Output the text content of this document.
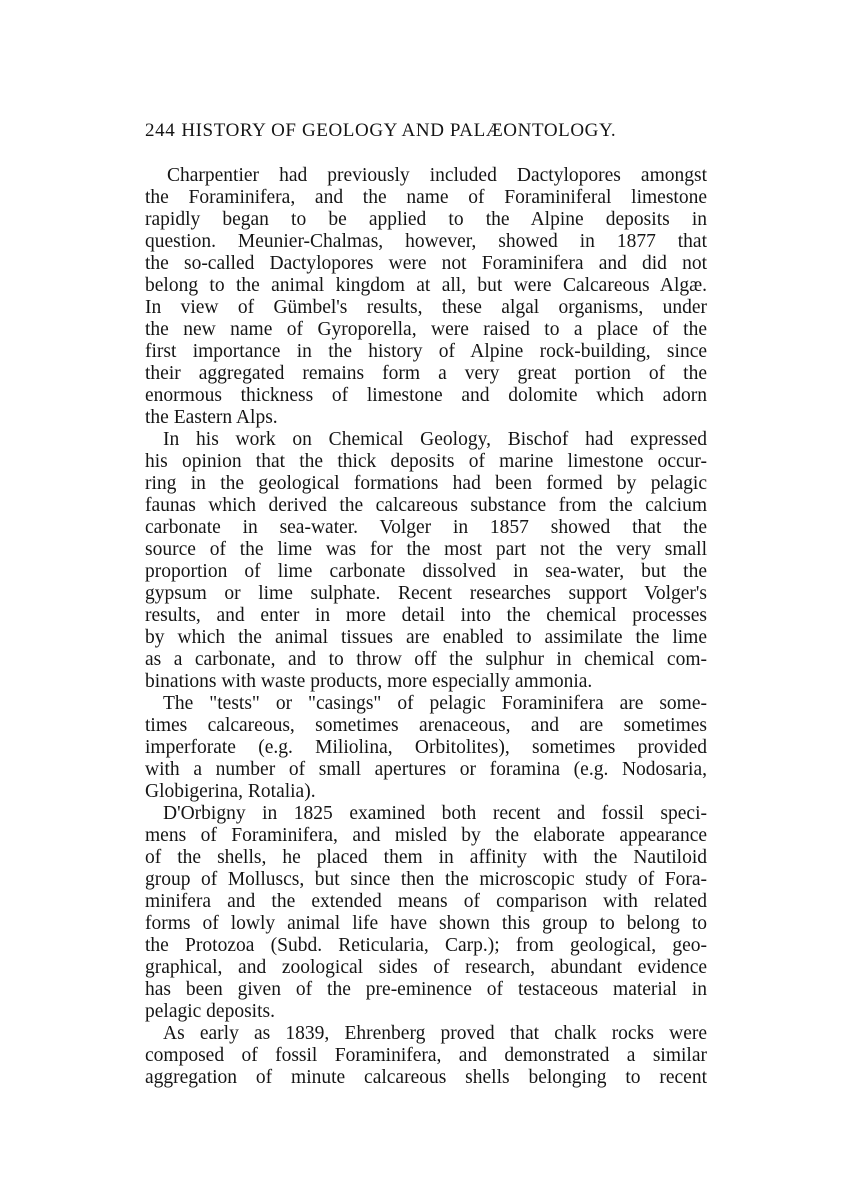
244 HISTORY OF GEOLOGY AND PALÆONTOLOGY.
Charpentier had previously included Dactylopores amongst
the Foraminifera, and the name of Foraminiferal limestone
rapidly began to be applied to the Alpine deposits in
question. Meunier-Chalmas, however, showed in 1877 that
the so-called Dactylopores were not Foraminifera and did not
belong to the animal kingdom at all, but were Calcareous Algæ.
In view of Gümbel's results, these algal organisms, under
the new name of Gyroporella, were raised to a place of the
first importance in the history of Alpine rock-building, since
their aggregated remains form a very great portion of the
enormous thickness of limestone and dolomite which adorn
the Eastern Alps.
In his work on Chemical Geology, Bischof had expressed
his opinion that the thick deposits of marine limestone occur-
ring in the geological formations had been formed by pelagic
faunas which derived the calcareous substance from the calcium
carbonate in sea-water. Volger in 1857 showed that the
source of the lime was for the most part not the very small
proportion of lime carbonate dissolved in sea-water, but the
gypsum or lime sulphate. Recent researches support Volger's
results, and enter in more detail into the chemical processes
by which the animal tissues are enabled to assimilate the lime
as a carbonate, and to throw off the sulphur in chemical com-
binations with waste products, more especially ammonia.
The "tests" or "casings" of pelagic Foraminifera are some-
times calcareous, sometimes arenaceous, and are sometimes
imperforate (e.g. Miliolina, Orbitolites), sometimes provided
with a number of small apertures or foramina (e.g. Nodosaria,
Globigerina, Rotalia).
D'Orbigny in 1825 examined both recent and fossil speci-
mens of Foraminifera, and misled by the elaborate appearance
of the shells, he placed them in affinity with the Nautiloid
group of Molluscs, but since then the microscopic study of Fora-
minifera and the extended means of comparison with related
forms of lowly animal life have shown this group to belong to
the Protozoa (Subd. Reticularia, Carp.); from geological, geo-
graphical, and zoological sides of research, abundant evidence
has been given of the pre-eminence of testaceous material in
pelagic deposits.
As early as 1839, Ehrenberg proved that chalk rocks were
composed of fossil Foraminifera, and demonstrated a similar
aggregation of minute calcareous shells belonging to recent
